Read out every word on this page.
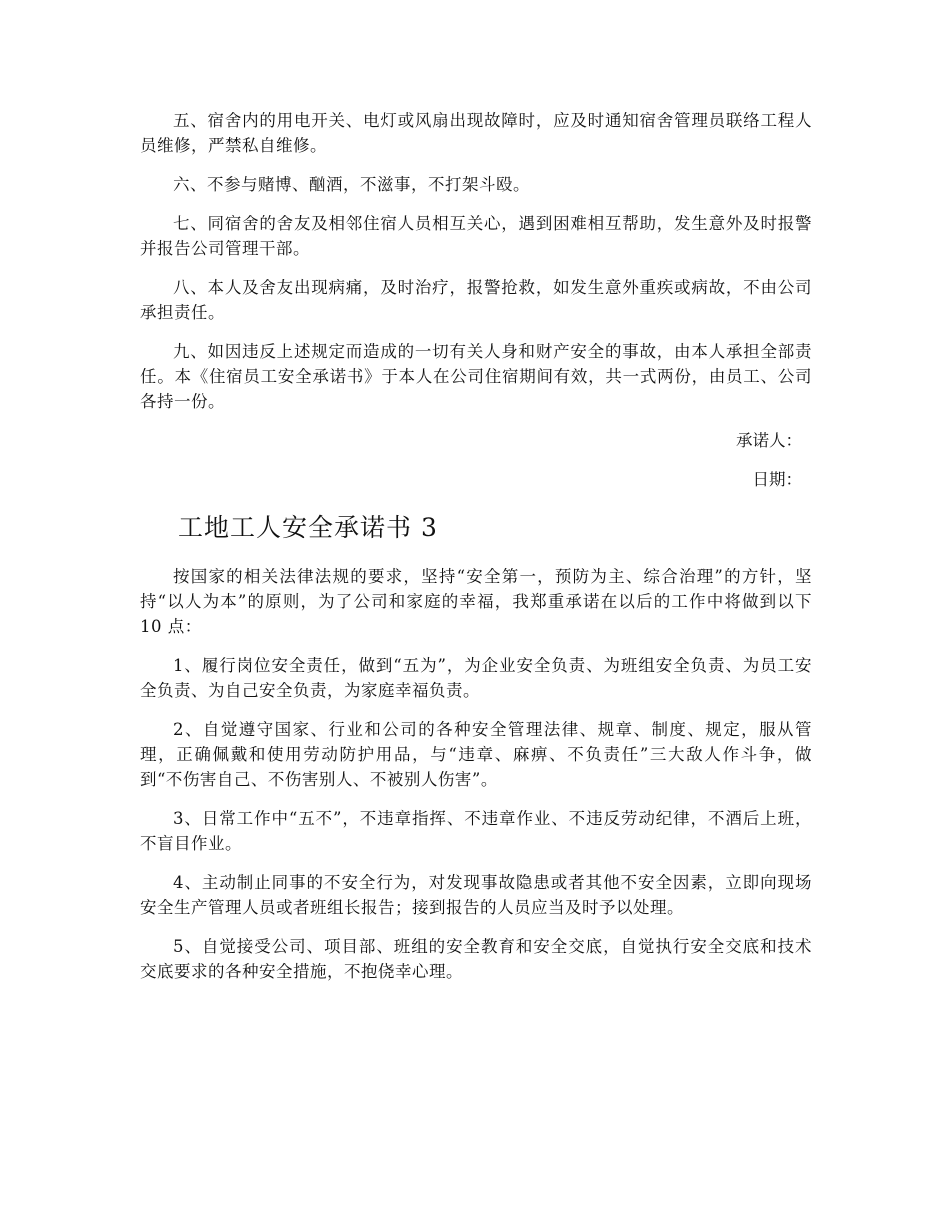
五、宿舍内的用电开关、电灯或风扇出现故障时，应及时通知宿舍管理员联络工程人员维修，严禁私自维修。

六、不参与赌博、酗酒，不滋事，不打架斗殴。

七、同宿舍的舍友及相邻住宿人员相互关心，遇到困难相互帮助，发生意外及时报警并报告公司管理干部。

八、本人及舍友出现病痛，及时治疗，报警抢救，如发生意外重疾或病故，不由公司承担责任。

九、如因违反上述规定而造成的一切有关人身和财产安全的事故，由本人承担全部责任。本《住宿员工安全承诺书》于本人在公司住宿期间有效，共一式两份，由员工、公司各持一份。

承诺人：

日期：

工地工人安全承诺书 3

按国家的相关法律法规的要求，坚持“安全第一，预防为主、综合治理”的方针，坚持“以人为本”的原则，为了公司和家庭的幸福，我郑重承诺在以后的工作中将做到以下 10 点：

1、履行岗位安全责任，做到“五为”，为企业安全负责、为班组安全负责、为员工安全负责、为自己安全负责，为家庭幸福负责。

2、自觉遵守国家、行业和公司的各种安全管理法律、规章、制度、规定，服从管理，正确佩戴和使用劳动防护用品，与“违章、麻痹、不负责任”三大敌人作斗争，做到“不伤害自己、不伤害别人、不被别人伤害”。

3、日常工作中“五不”，不违章指挥、不违章作业、不违反劳动纪律，不酒后上班，不盲目作业。

4、主动制止同事的不安全行为，对发现事故隐患或者其他不安全因素，立即向现场安全生产管理人员或者班组长报告；接到报告的人员应当及时予以处理。

5、自觉接受公司、项目部、班组的安全教育和安全交底，自觉执行安全交底和技术交底要求的各种安全措施，不抱侥幸心理。
